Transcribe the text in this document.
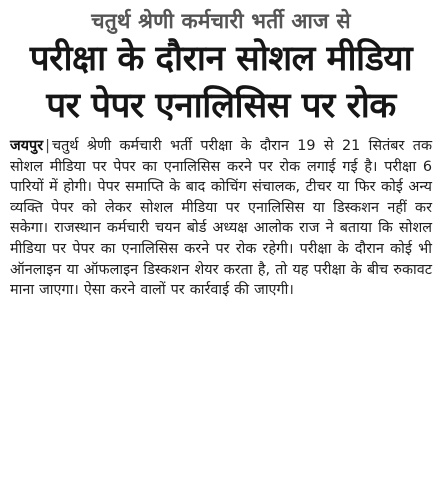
चतुर्थ श्रेणी कर्मचारी भर्ती आज से
परीक्षा के दौरान सोशल मीडिया
पर पेपर एनालिसिस पर रोक
जयपुर | चतुर्थ श्रेणी कर्मचारी भर्ती परीक्षा के दौरान 19 से 21 सितंबर तक सोशल मीडिया पर पेपर का एनालिसिस करने पर रोक लगाई गई है। परीक्षा 6 पारियों में होगी। पेपर समाप्ति के बाद कोचिंग संचालक, टीचर या फिर कोई अन्य व्यक्ति पेपर को लेकर सोशल मीडिया पर एनालिसिस या डिस्कशन नहीं कर सकेगा। राजस्थान कर्मचारी चयन बोर्ड अध्यक्ष आलोक राज ने बताया कि सोशल मीडिया पर पेपर का एनालिसिस करने पर रोक रहेगी। परीक्षा के दौरान कोई भी ऑनलाइन या ऑफलाइन डिस्कशन शेयर करता है, तो यह परीक्षा के बीच रुकावट माना जाएगा। ऐसा करने वालों पर कार्रवाई की जाएगी।
